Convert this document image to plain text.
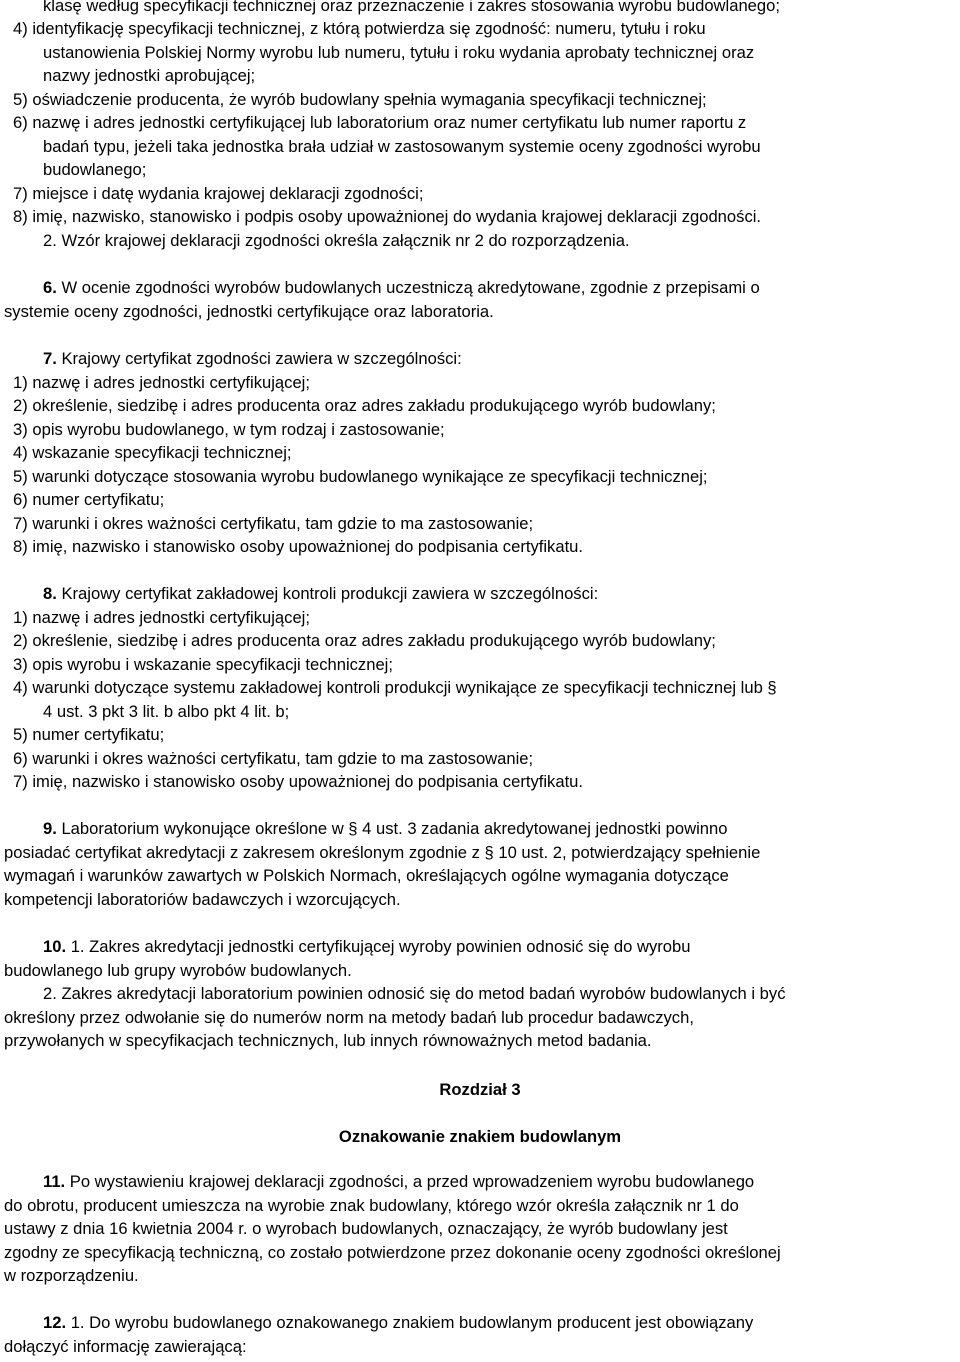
klasę według specyfikacji technicznej oraz przeznaczenie i zakres stosowania wyrobu budowlanego;
4) identyfikację specyfikacji technicznej, z którą potwierdza się zgodność: numeru, tytułu i roku
ustanowienia Polskiej Normy wyrobu lub numeru, tytułu i roku wydania aprobaty technicznej oraz
nazwy jednostki aprobującej;
5) oświadczenie producenta, że wyrób budowlany spełnia wymagania specyfikacji technicznej;
6) nazwę i adres jednostki certyfikującej lub laboratorium oraz numer certyfikatu lub numer raportu z
badań typu, jeżeli taka jednostka brała udział w zastosowanym systemie oceny zgodności wyrobu
budowlanego;
7) miejsce i datę wydania krajowej deklaracji zgodności;
8) imię, nazwisko, stanowisko i podpis osoby upoważnionej do wydania krajowej deklaracji zgodności.
2. Wzór krajowej deklaracji zgodności określa załącznik nr 2 do rozporządzenia.
6. W ocenie zgodności wyrobów budowlanych uczestniczą akredytowane, zgodnie z przepisami o
systemie oceny zgodności, jednostki certyfikujące oraz laboratoria.
7. Krajowy certyfikat zgodności zawiera w szczególności:
1) nazwę i adres jednostki certyfikującej;
2) określenie, siedzibę i adres producenta oraz adres zakładu produkującego wyrób budowlany;
3) opis wyrobu budowlanego, w tym rodzaj i zastosowanie;
4) wskazanie specyfikacji technicznej;
5) warunki dotyczące stosowania wyrobu budowlanego wynikające ze specyfikacji technicznej;
6) numer certyfikatu;
7) warunki i okres ważności certyfikatu, tam gdzie to ma zastosowanie;
8) imię, nazwisko i stanowisko osoby upoważnionej do podpisania certyfikatu.
8. Krajowy certyfikat zakładowej kontroli produkcji zawiera w szczególności:
1) nazwę i adres jednostki certyfikującej;
2) określenie, siedzibę i adres producenta oraz adres zakładu produkującego wyrób budowlany;
3) opis wyrobu i wskazanie specyfikacji technicznej;
4) warunki dotyczące systemu zakładowej kontroli produkcji wynikające ze specyfikacji technicznej lub §
4 ust. 3 pkt 3 lit. b albo pkt 4 lit. b;
5) numer certyfikatu;
6) warunki i okres ważności certyfikatu, tam gdzie to ma zastosowanie;
7) imię, nazwisko i stanowisko osoby upoważnionej do podpisania certyfikatu.
9. Laboratorium wykonujące określone w § 4 ust. 3 zadania akredytowanej jednostki powinno
posiadać certyfikat akredytacji z zakresem określonym zgodnie z § 10 ust. 2, potwierdzający spełnienie
wymagań i warunków zawartych w Polskich Normach, określających ogólne wymagania dotyczące
kompetencji laboratoriów badawczych i wzorcujących.
10. 1. Zakres akredytacji jednostki certyfikującej wyroby powinien odnosić się do wyrobu
budowlanego lub grupy wyrobów budowlanych.
2. Zakres akredytacji laboratorium powinien odnosić się do metod badań wyrobów budowlanych i być
określony przez odwołanie się do numerów norm na metody badań lub procedur badawczych,
przywołanych w specyfikacjach technicznych, lub innych równoważnych metod badania.
Rozdział 3
Oznakowanie znakiem budowlanym
11. Po wystawieniu krajowej deklaracji zgodności, a przed wprowadzeniem wyrobu budowlanego
do obrotu, producent umieszcza na wyrobie znak budowlany, którego wzór określa załącznik nr 1 do
ustawy z dnia 16 kwietnia 2004 r. o wyrobach budowlanych, oznaczający, że wyrób budowlany jest
zgodny ze specyfikacją techniczną, co zostało potwierdzone przez dokonanie oceny zgodności określonej
w rozporządzeniu.
12. 1. Do wyrobu budowlanego oznakowanego znakiem budowlanym producent jest obowiązany
dołączyć informację zawierającą:
